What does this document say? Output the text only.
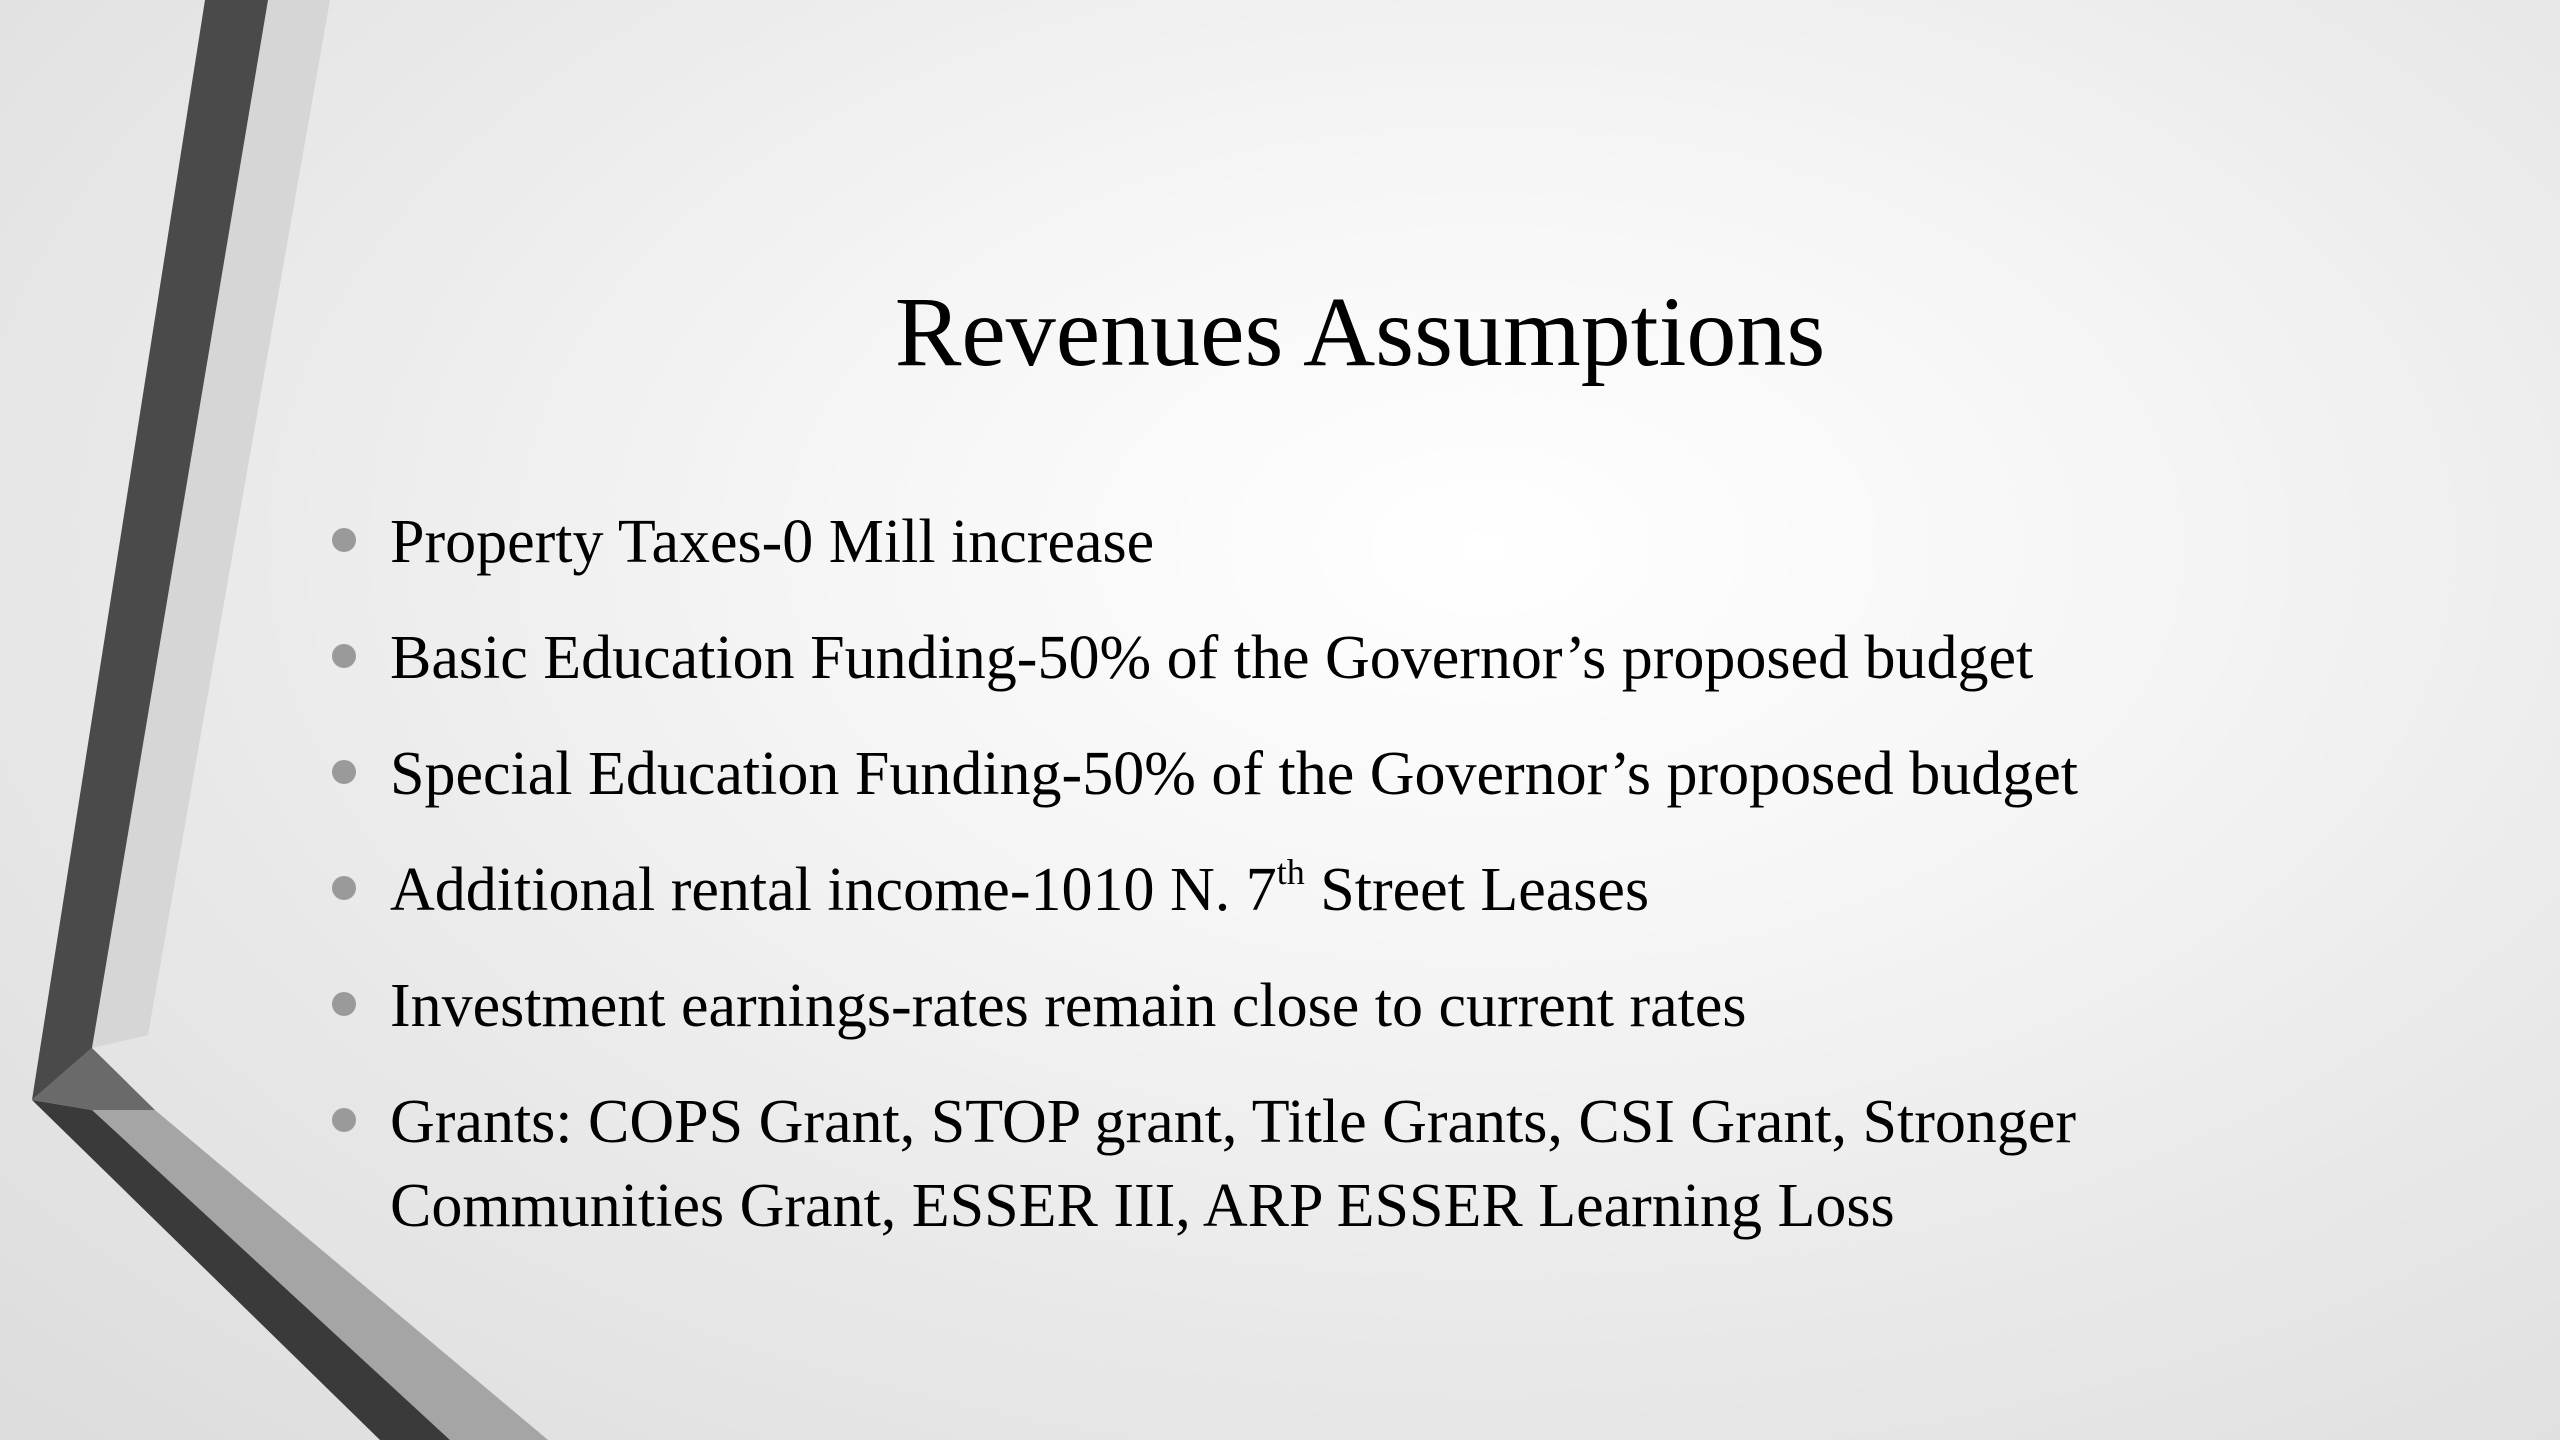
Revenues Assumptions
Property Taxes-0 Mill increase
Basic Education Funding-50% of the Governor’s proposed budget
Special Education Funding-50% of the Governor’s proposed budget
Additional rental income-1010 N. 7th Street Leases
Investment earnings-rates remain close to current rates
Grants: COPS Grant, STOP grant, Title Grants, CSI Grant, Stronger Communities Grant, ESSER III, ARP ESSER Learning Loss
